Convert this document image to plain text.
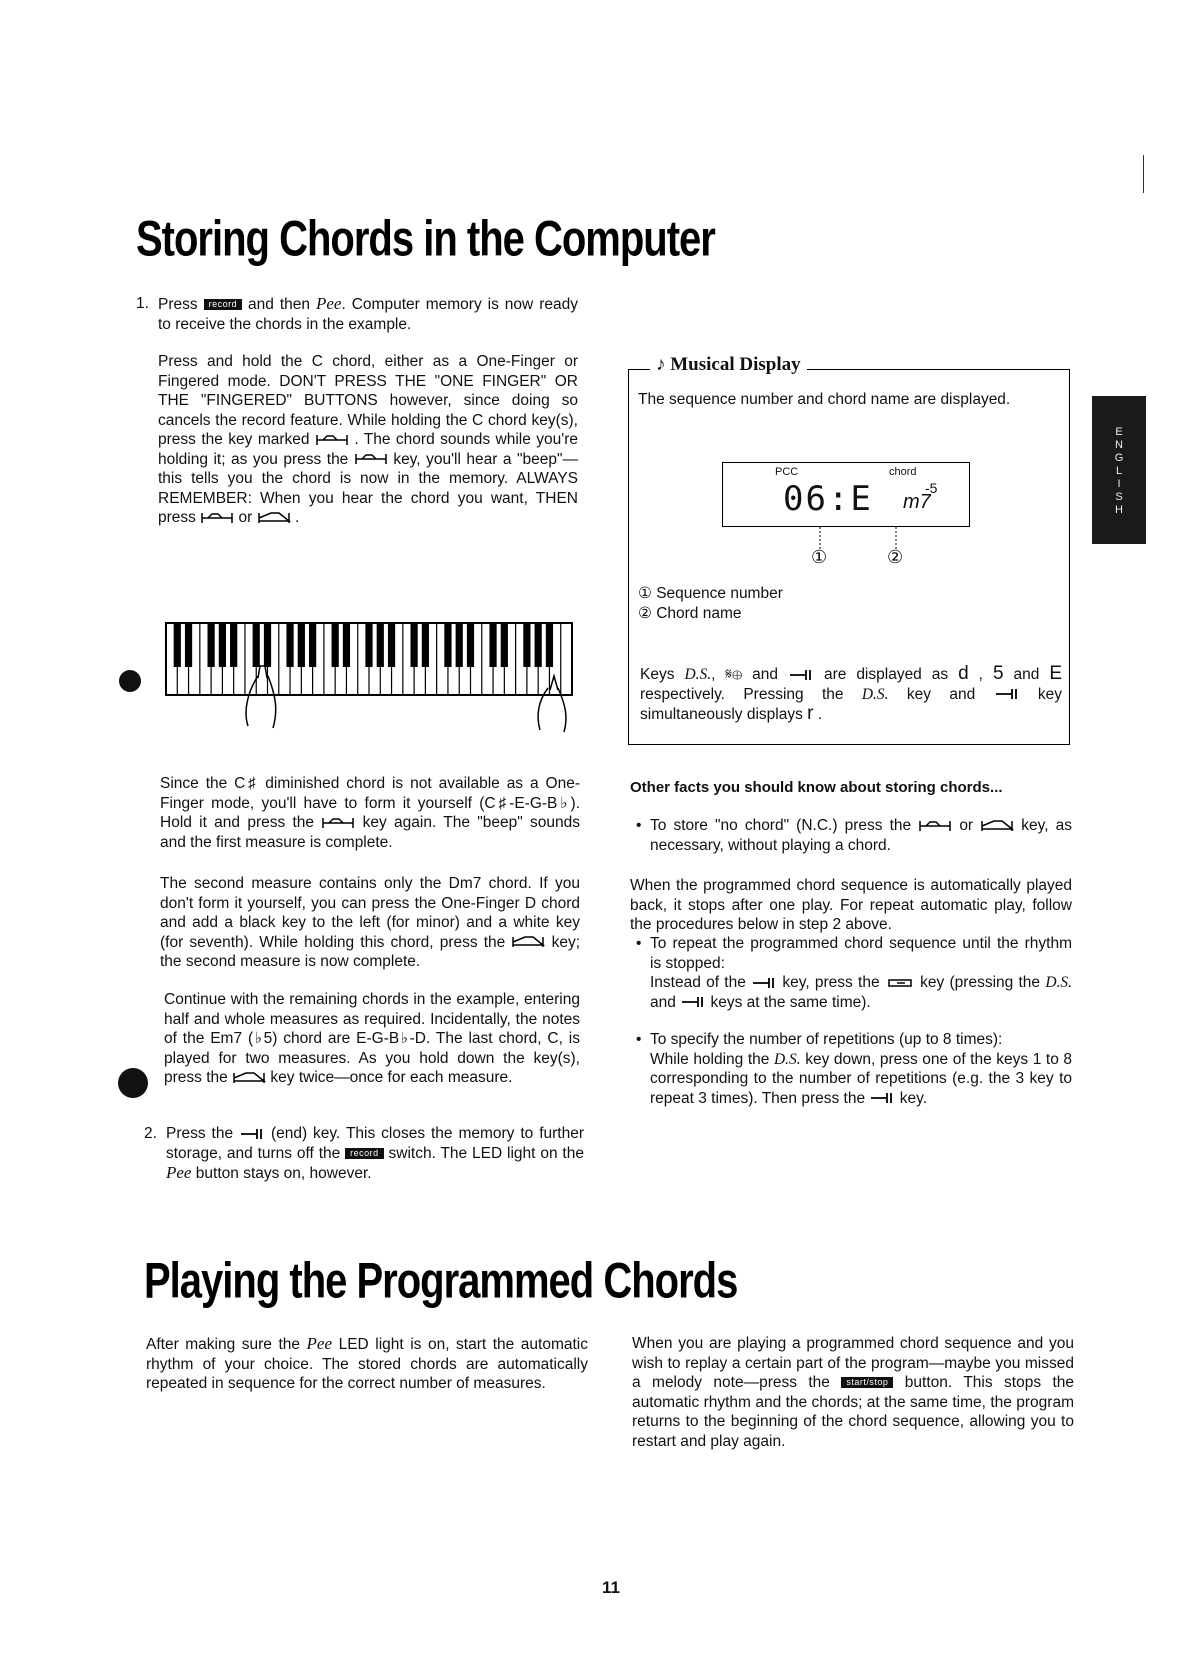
Storing Chords in the Computer
1. Press record and then Pee. Computer memory is now ready to receive the chords in the example.

Press and hold the C chord, either as a One-Finger or Fingered mode. DON'T PRESS THE "ONE FINGER" OR THE "FINGERED" BUTTONS however, since doing so cancels the record feature. While holding the C chord key(s), press the key marked	. The chord sounds while you're holding it; as you press the	key, you'll hear a "beep"—this tells you the chord is now in the memory. ALWAYS REMEMBER: When you hear the chord you want, THEN press	or	.

Since the C♯ diminished chord is not available as a One-Finger mode, you'll have to form it yourself (C♯-E-G-B♭). Hold it and press the	key again. The "beep" sounds and the first measure is complete.

The second measure contains only the Dm7 chord. If you don't form it yourself, you can press the One-Finger D chord and add a black key to the left (for minor) and a white key (for seventh). While holding this chord, press the	key; the second measure is now complete.

Continue with the remaining chords in the example, entering half and whole measures as required. Incidentally, the notes of the Em7 (♭5) chord are E-G-B♭-D. The last chord, C, is played for two measures. As you hold down the key(s), press the	key twice—once for each measure.

2. Press the (end) key. This closes the memory to further storage, and turns off the record switch. The LED light on the Pee button stays on, however.

♪ Musical Display
The sequence number and chord name are displayed.
PCC	chord
06:E m7
-5
①	②
① Sequence number
② Chord name

Keys D.S., 𝄋⊕ and	are displayed as d , 5 and E respectively. Pressing the D.S. key and	key simultaneously displays r .

Other facts you should know about storing chords...

• To store "no chord" (N.C.) press the	or	key, as necessary, without playing a chord.

When the programmed chord sequence is automatically played back, it stops after one play. For repeat automatic play, follow the procedures below in step 2 above.

• To repeat the programmed chord sequence until the rhythm is stopped:
Instead of the key, press the	key (pressing the D.S. and keys at the same time).

• To specify the number of repetitions (up to 8 times):
While holding the D.S. key down, press one of the keys 1 to 8 corresponding to the number of repetitions (e.g. the 3 key to repeat 3 times). Then press the key.

Playing the Programmed Chords

After making sure the Pee LED light is on, start the automatic rhythm of your choice. The stored chords are automatically repeated in sequence for the correct number of measures.

When you are playing a programmed chord sequence and you wish to replay a certain part of the program—maybe you missed a melody note—press the start/stop button. This stops the automatic rhythm and the chords; at the same time, the program returns to the beginning of the chord sequence, allowing you to restart and play again.

E
N
G
L
I
S
H
11
